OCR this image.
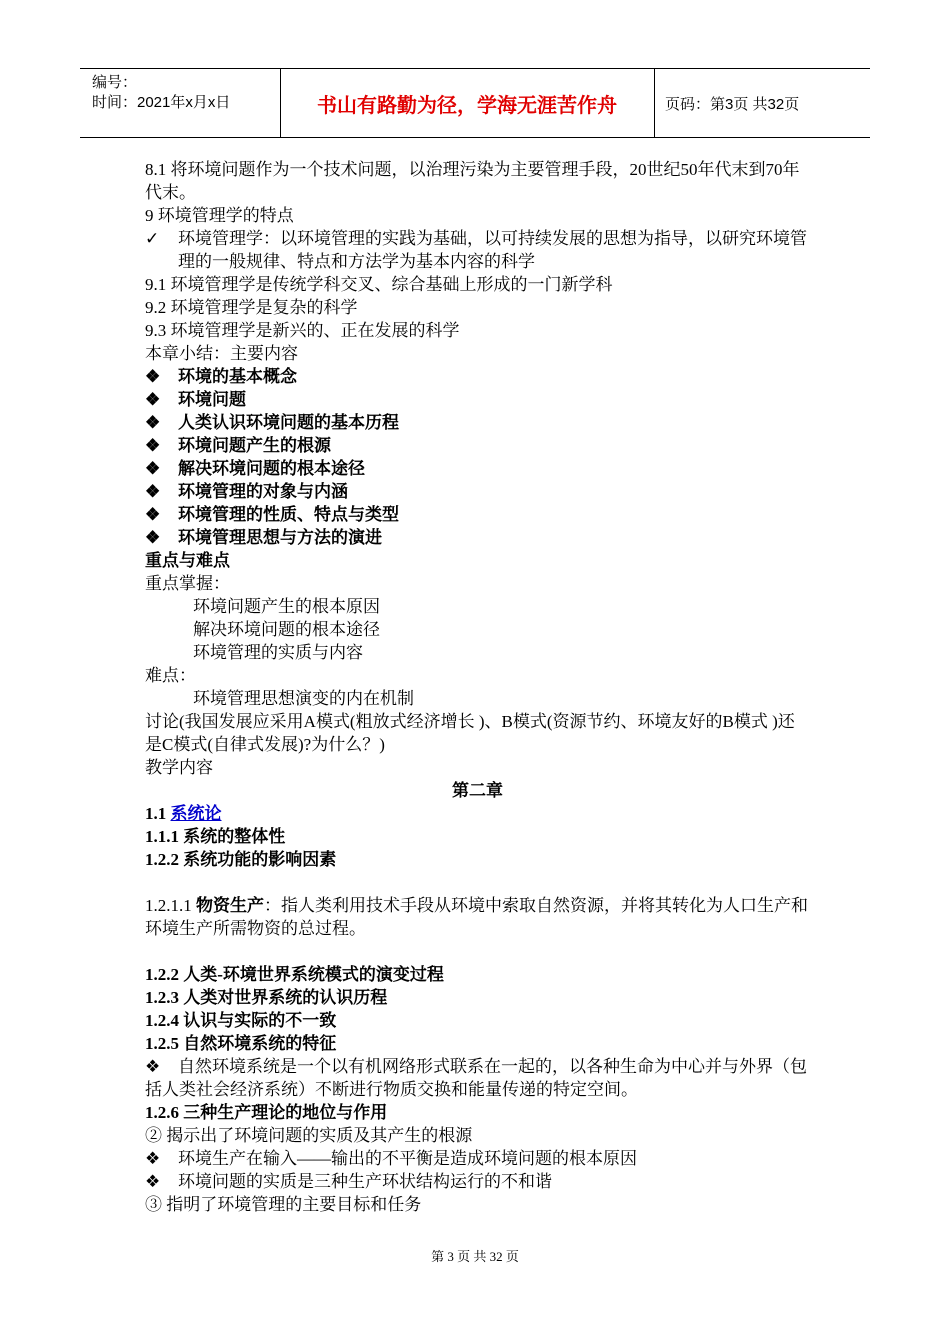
编号：
时间：2021年x月x日	书山有路勤为径，学海无涯苦作舟	页码：第3页 共32页

8.1 将环境问题作为一个技术问题，以治理污染为主要管理手段，20世纪50年代末到70年代末。

9 环境管理学的特点

✓	环境管理学：以环境管理的实践为基础，以可持续发展的思想为指导，以研究环境管理的一般规律、特点和方法学为基本内容的科学

9.1 环境管理学是传统学科交叉、综合基础上形成的一门新学科

9.2 环境管理学是复杂的科学

9.3 环境管理学是新兴的、正在发展的科学

本章小结：主要内容

❖	环境的基本概念

❖	环境问题

❖	人类认识环境问题的基本历程

❖	环境问题产生的根源

❖	解决环境问题的根本途径

❖	环境管理的对象与内涵

❖	环境管理的性质、特点与类型

❖	环境管理思想与方法的演进

重点与难点

重点掌握：

环境问题产生的根本原因

解决环境问题的根本途径

环境管理的实质与内容

难点：

环境管理思想演变的内在机制

讨论(我国发展应采用A模式(粗放式经济增长 )、B模式(资源节约、环境友好的B模式 )还是C模式(自律式发展)?为什么？)

教学内容

第二章

1.1 系统论

1.1.1 系统的整体性

1.2.2 系统功能的影响因素

1.2.1.1 物资生产：指人类利用技术手段从环境中索取自然资源，并将其转化为人口生产和环境生产所需物资的总过程。

1.2.2 人类-环境世界系统模式的演变过程

1.2.3 人类对世界系统的认识历程

1.2.4 认识与实际的不一致

1.2.5 自然环境系统的特征

❖ 自然环境系统是一个以有机网络形式联系在一起的，以各种生命为中心并与外界（包括人类社会经济系统）不断进行物质交换和能量传递的特定空间。

1.2.6 三种生产理论的地位与作用

② 揭示出了环境问题的实质及其产生的根源

❖	环境生产在输入——输出的不平衡是造成环境问题的根本原因

❖	环境问题的实质是三种生产环状结构运行的不和谐

③ 指明了环境管理的主要目标和任务

第 3 页 共 32 页
